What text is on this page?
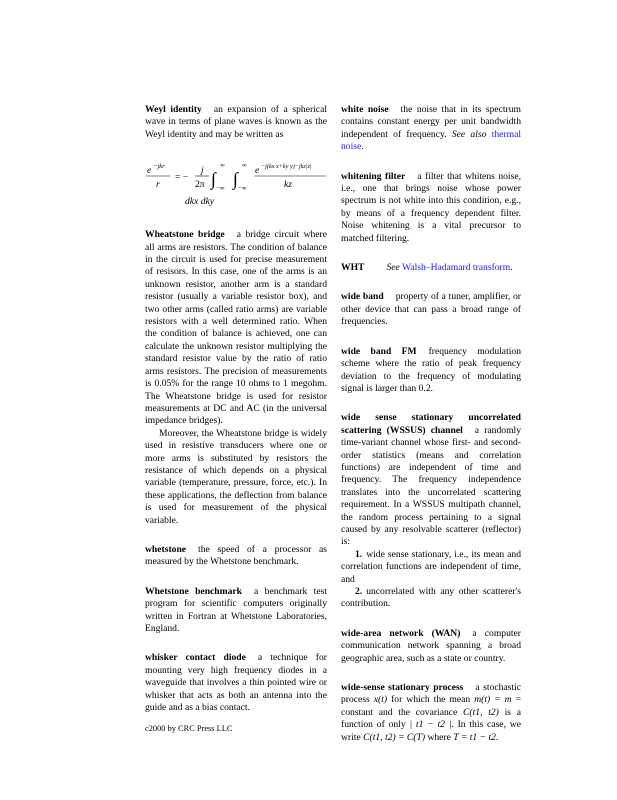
Weyl identity an expansion of a spherical wave in terms of plane waves is known as the Weyl identity and may be written as

e −jkr
r
= −
j
2π ∫
∞
−∞ ∫
∞
−∞
e −j(kx x+ky y)−jkz|z|
kz
dkx dky

Wheatstone bridge a bridge circuit where all arms are resistors. The condition of balance in the circuit is used for precise measurement of resisors. In this case, one of the arms is an unknown resistor, another arm is a standard resistor (usually a variable resistor box), and two other arms (called ratio arms) are variable resistors with a well determined ratio. When the condition of balance is achieved, one can calculate the unknown resistor multiplying the standard resistor value by the ratio of ratio arms resistors. The precision of measurements is 0.05% for the range 10 ohms to 1 megohm. The Wheatstone bridge is used for resistor measurements at DC and AC (in the universal impedance bridges).

Moreover, the Wheatstone bridge is widely used in resistive transducers where one or more arms is substituted by resistors the resistance of which depends on a physical variable (temperature, pressure, force, etc.). In these applications, the deflection from balance is used for measurement of the physical variable.

whetstone the speed of a processor as measured by the Whetstone benchmark.

Whetstone benchmark a benchmark test program for scientific computers originally written in Fortran at Whetstone Laboratories, England.

whisker contact diode a technique for mounting very high frequency diodes in a waveguide that involves a thin pointed wire or whisker that acts as both an antenna into the guide and as a bias contact.

white noise the noise that in its spectrum contains constant energy per unit bandwidth independent of frequency. See also thermal noise.

whitening filter a filter that whitens noise, i.e., one that brings noise whose power spectrum is not white into this condition, e.g., by means of a frequency dependent filter. Noise whitening is a vital precursor to matched filtering.

WHT See Walsh–Hadamard transform.

wide band property of a tuner, amplifier, or other device that can pass a broad range of frequencies.

wide band FM frequency modulation scheme where the ratio of peak frequency deviation to the frequency of modulating signal is larger than 0.2.

wide sense stationary uncorrelated scattering (WSSUS) channel a randomly time-variant channel whose first- and second-order statistics (means and correlation functions) are independent of time and frequency. The frequency independence translates into the uncorrelated scattering requirement. In a WSSUS multipath channel, the random process pertaining to a signal caused by any resolvable scatterer (reflector) is:

1. wide sense stationary, i.e., its mean and correlation functions are independent of time, and

2. uncorrelated with any other scatterer's contribution.

wide-area network (WAN) a computer communication network spanning a broad geographic area, such as a state or country.

wide-sense stationary process a stochastic process x(t) for which the mean m(t) = m = constant and the covariance C(t1, t2) is a function of only | t1 − t2 |. In this case, we write C(t1, t2) = C(T) where T = t1 − t2.

c2000 by CRC Press LLC
